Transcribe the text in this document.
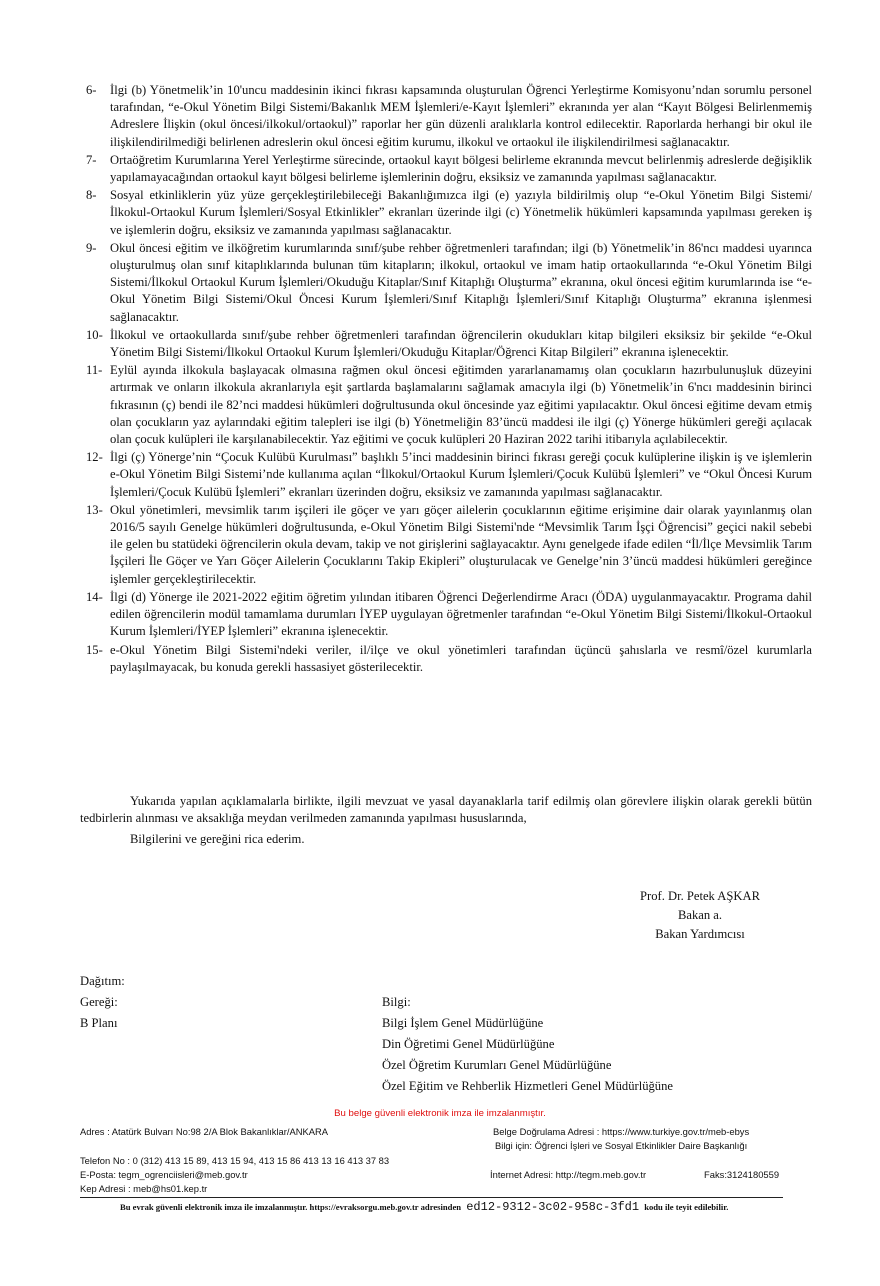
6-	İlgi (b) Yönetmelik’in 10'uncu maddesinin ikinci fıkrası kapsamında oluşturulan Öğrenci Yerleştirme Komisyonu’ndan sorumlu personel tarafından, “e-Okul Yönetim Bilgi Sistemi/Bakanlık MEM İşlemleri/e-Kayıt İşlemleri” ekranında yer alan “Kayıt Bölgesi Belirlenmemiş Adreslere İlişkin (okul öncesi/ilkokul/ortaokul)” raporlar her gün düzenli aralıklarla kontrol edilecektir. Raporlarda herhangi bir okul ile ilişkilendirilmediği belirlenen adreslerin okul öncesi eğitim kurumu, ilkokul ve ortaokul ile ilişkilendirilmesi sağlanacaktır.
7-	Ortaöğretim Kurumlarına Yerel Yerleştirme sürecinde, ortaokul kayıt bölgesi belirleme ekranında mevcut belirlenmiş adreslerde değişiklik yapılamayacağından ortaokul kayıt bölgesi belirleme işlemlerinin doğru, eksiksiz ve zamanında yapılması sağlanacaktır.
8-	Sosyal etkinliklerin yüz yüze gerçekleştirilebileceği Bakanlığımızca ilgi (e) yazıyla bildirilmiş olup “e-Okul Yönetim Bilgi Sistemi/İlkokul-Ortaokul Kurum İşlemleri/Sosyal Etkinlikler” ekranları üzerinde ilgi (c) Yönetmelik hükümleri kapsamında yapılması gereken iş ve işlemlerin doğru, eksiksiz ve zamanında yapılması sağlanacaktır.
9-	Okul öncesi eğitim ve ilköğretim kurumlarında sınıf/şube rehber öğretmenleri tarafından; ilgi (b) Yönetmelik’in 86'ncı maddesi uyarınca oluşturulmuş olan sınıf kitaplıklarında bulunan tüm kitapların; ilkokul, ortaokul ve imam hatip ortaokullarında “e-Okul Yönetim Bilgi Sistemi/İlkokul Ortaokul Kurum İşlemleri/Okuduğu Kitaplar/Sınıf Kitaplığı Oluşturma” ekranına, okul öncesi eğitim kurumlarında ise “e-Okul Yönetim Bilgi Sistemi/Okul Öncesi Kurum İşlemleri/Sınıf Kitaplığı İşlemleri/Sınıf Kitaplığı Oluşturma” ekranına işlenmesi sağlanacaktır.
10- İlkokul ve ortaokullarda sınıf/şube rehber öğretmenleri tarafından öğrencilerin okudukları kitap bilgileri eksiksiz bir şekilde “e-Okul Yönetim Bilgi Sistemi/İlkokul Ortaokul Kurum İşlemleri/Okuduğu Kitaplar/Öğrenci Kitap Bilgileri” ekranına işlenecektir.
11- Eylül ayında ilkokula başlayacak olmasına rağmen okul öncesi eğitimden yararlanamamış olan çocukların hazırbulunuşluk düzeyini artırmak ve onların ilkokula akranlarıyla eşit şartlarda başlamalarını sağlamak amacıyla ilgi (b) Yönetmelik’in 6'ncı maddesinin birinci fıkrasının (ç) bendi ile 82’nci maddesi hükümleri doğrultusunda okul öncesinde yaz eğitimi yapılacaktır. Okul öncesi eğitime devam etmiş olan çocukların yaz aylarındaki eğitim talepleri ise ilgi (b) Yönetmeliğin 83’üncü maddesi ile ilgi (ç) Yönerge hükümleri gereği açılacak olan çocuk kulüpleri ile karşılanabilecektir. Yaz eğitimi ve çocuk kulüpleri 20 Haziran 2022 tarihi itibarıyla açılabilecektir.
12- İlgi (ç) Yönerge’nin “Çocuk Kulübü Kurulması” başlıklı 5’inci maddesinin birinci fıkrası gereği çocuk kulüplerine ilişkin iş ve işlemlerin e-Okul Yönetim Bilgi Sistemi’nde kullanıma açılan “İlkokul/Ortaokul Kurum İşlemleri/Çocuk Kulübü İşlemleri” ve “Okul Öncesi Kurum İşlemleri/Çocuk Kulübü İşlemleri” ekranları üzerinden doğru, eksiksiz ve zamanında yapılması sağlanacaktır.
13- Okul yönetimleri, mevsimlik tarım işçileri ile göçer ve yarı göçer ailelerin çocuklarının eğitime erişimine dair olarak yayınlanmış olan 2016/5 sayılı Genelge hükümleri doğrultusunda, e-Okul Yönetim Bilgi Sistemi'nde “Mevsimlik Tarım İşçi Öğrencisi” geçici nakil sebebi ile gelen bu statüdeki öğrencilerin okula devam, takip ve not girişlerini sağlayacaktır. Aynı genelgede ifade edilen “İl/İlçe Mevsimlik Tarım İşçileri İle Göçer ve Yarı Göçer Ailelerin Çocuklarını Takip Ekipleri” oluşturulacak ve Genelge’nin 3’üncü maddesi hükümleri gereğince işlemler gerçekleştirilecektir.
14- İlgi (d) Yönerge ile 2021-2022 eğitim öğretim yılından itibaren Öğrenci Değerlendirme Aracı (ÖDA) uygulanmayacaktır. Programa dahil edilen öğrencilerin modül tamamlama durumları İYEP uygulayan öğretmenler tarafından “e-Okul Yönetim Bilgi Sistemi/İlkokul-Ortaokul Kurum İşlemleri/İYEP İşlemleri” ekranına işlenecektir.
15- e-Okul Yönetim Bilgi Sistemi'ndeki veriler, il/ilçe ve okul yönetimleri tarafından üçüncü şahıslarla ve resmî/özel kurumlarla paylaşılmayacak, bu konuda gerekli hassasiyet gösterilecektir.
Yukarıda yapılan açıklamalarla birlikte, ilgili mevzuat ve yasal dayanaklarla tarif edilmiş olan görevlere ilişkin olarak gerekli bütün tedbirlerin alınması ve aksaklığa meydan verilmeden zamanında yapılması hususlarında,
Bilgilerini ve gereğini rica ederim.
Prof. Dr. Petek AŞKAR
Bakan a.
Bakan Yardımcısı
Dağıtım:
Gereği:
B Planı
Bilgi:
Bilgi İşlem Genel Müdürlüğüne
Din Öğretimi Genel Müdürlüğüne
Özel Öğretim Kurumları Genel Müdürlüğüne
Özel Eğitim ve Rehberlik Hizmetleri Genel Müdürlüğüne
Bu belge güvenli elektronik imza ile imzalanmıştır.
Adres : Atatürk Bulvarı No:98 2/A Blok Bakanlıklar/ANKARA	Belge Doğrulama Adresi : https://www.turkiye.gov.tr/meb-ebys
Bilgi için: Öğrenci İşleri ve Sosyal Etkinlikler Daire Başkanlığı
Telefon No : 0 (312) 413 15 89, 413 15 94, 413 15 86 413 13 16 413 37 83
E-Posta: tegm_ogrenciisleri@meb.gov.tr	İnternet Adresi: http://tegm.meb.gov.tr	Faks:3124180559
Kep Adresi : meb@hs01.kep.tr
Bu evrak güvenli elektronik imza ile imzalanmıştır. https://evraksorgu.meb.gov.tr adresinden ed12-9312-3c02-958c-3fd1 kodu ile teyit edilebilir.
